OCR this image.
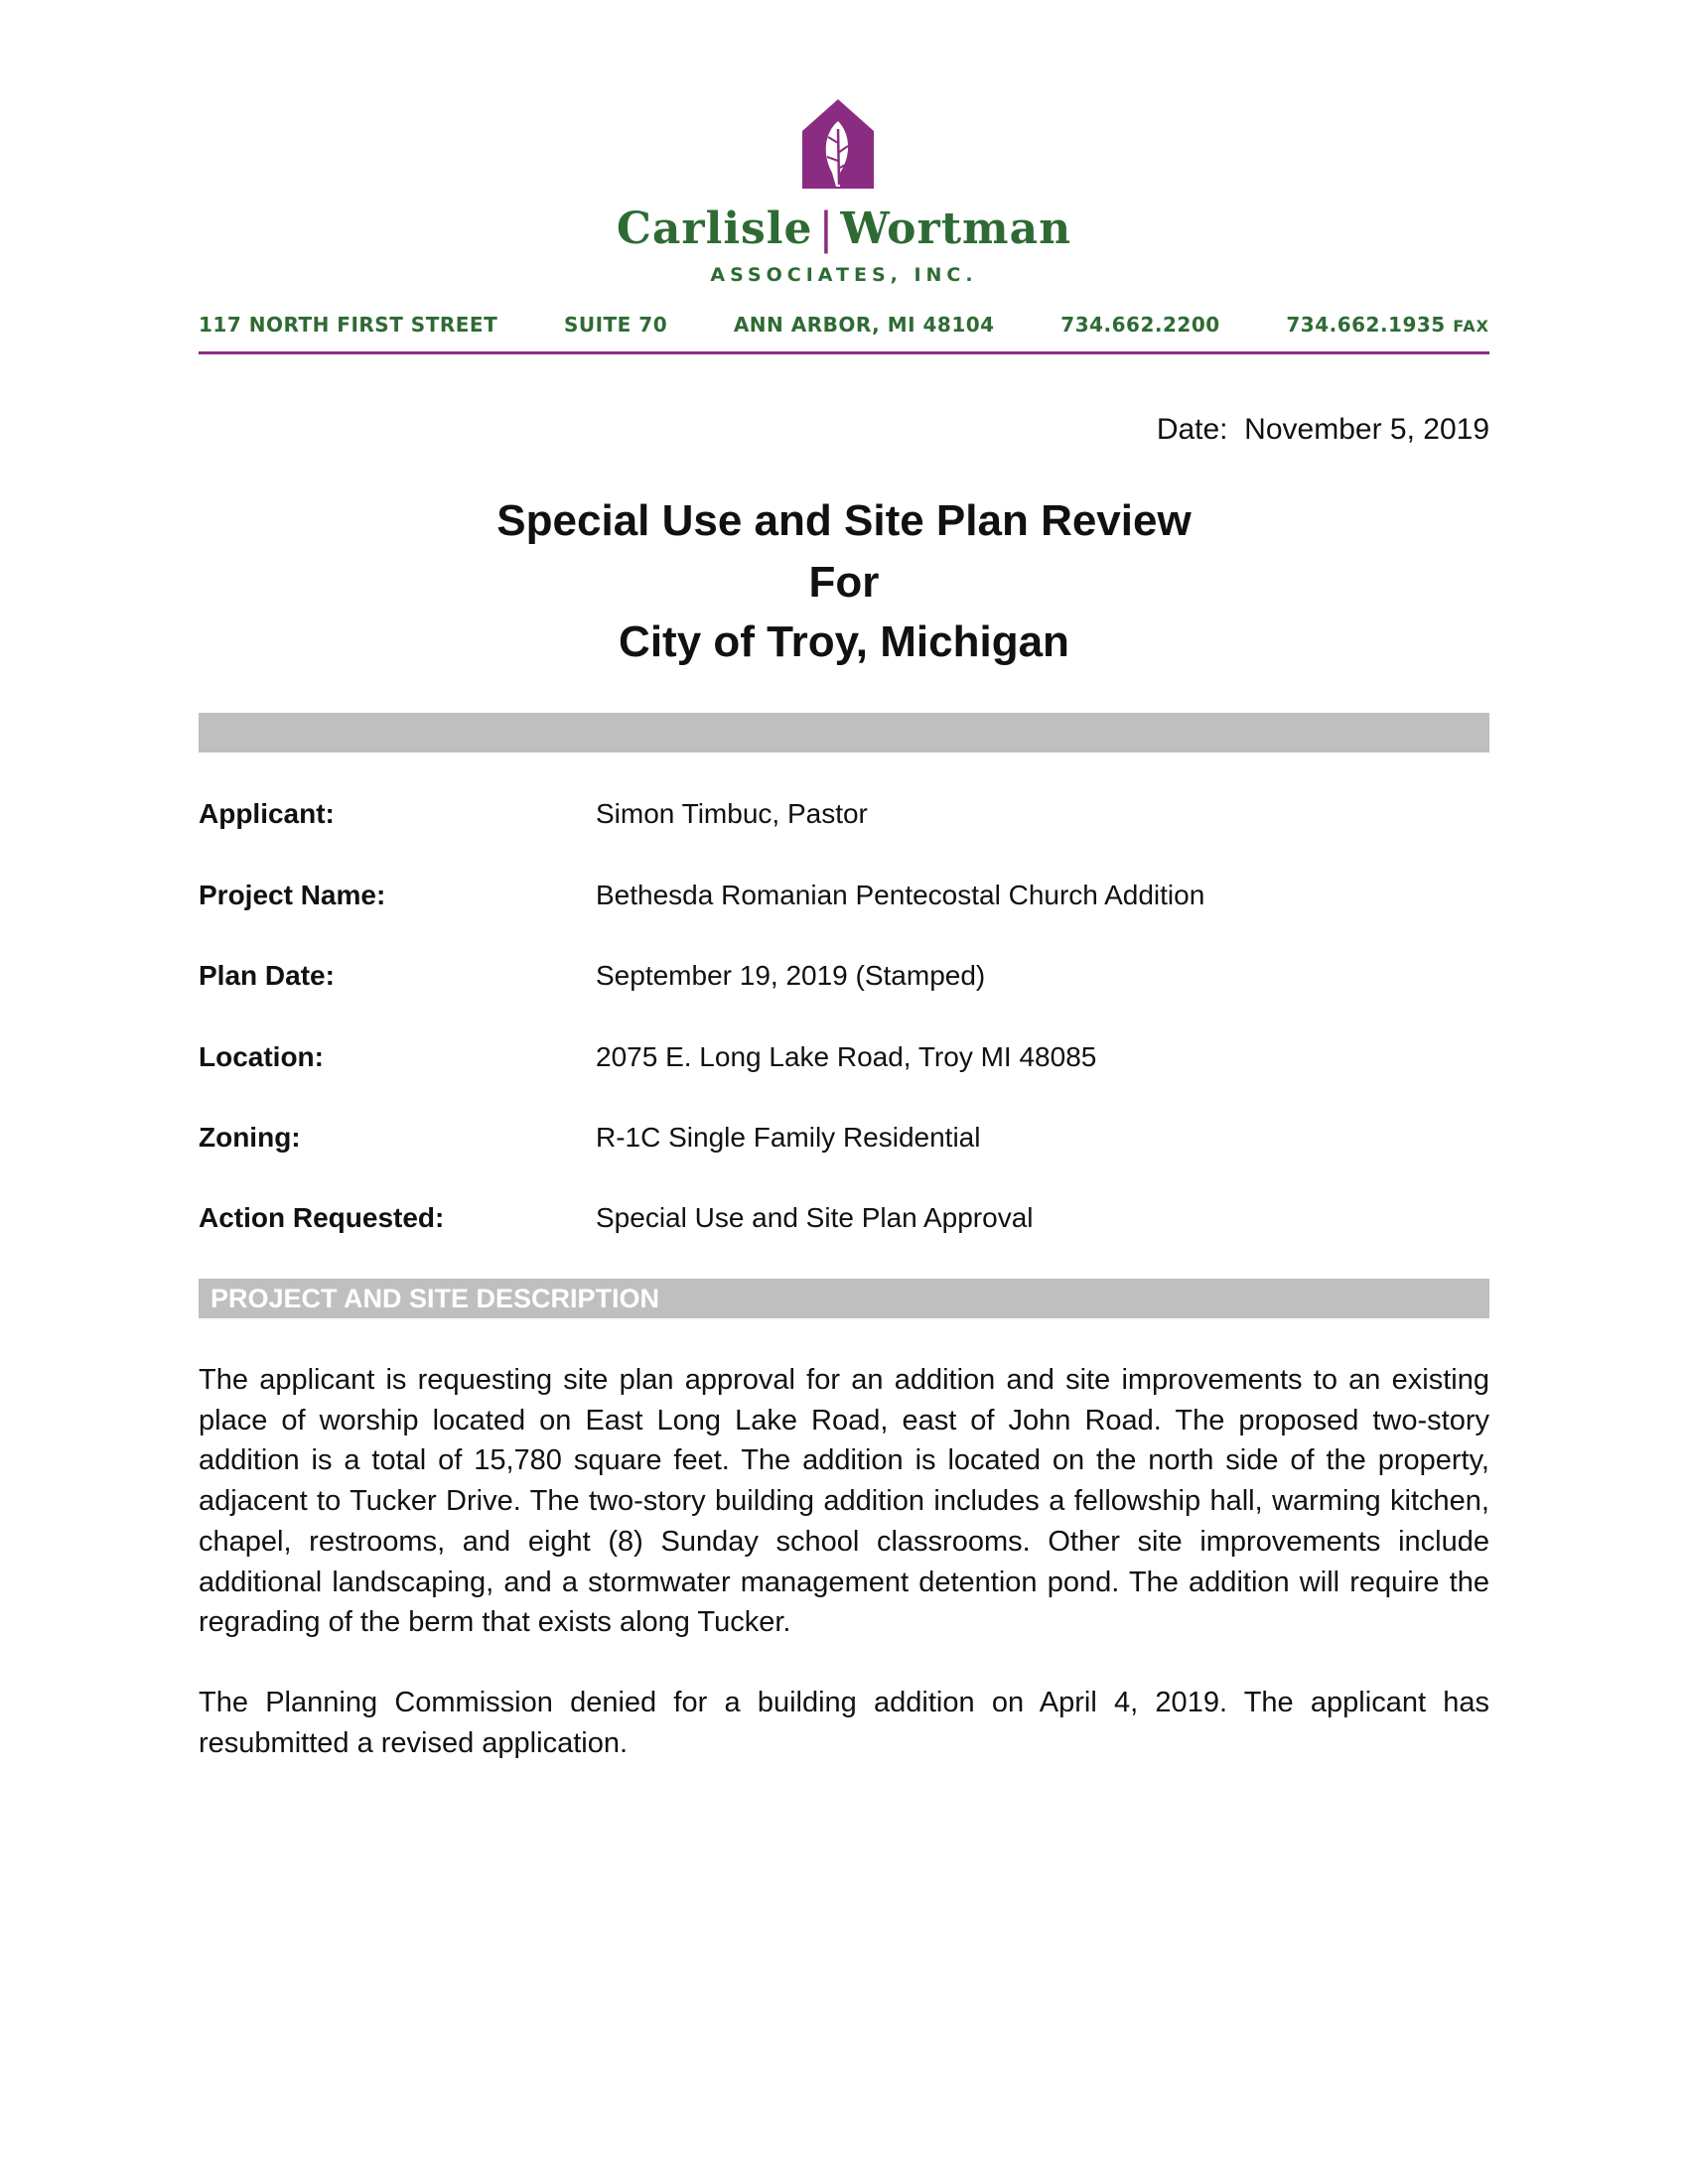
Carlisle | Wortman
ASSOCIATES, INC.
117 NORTH FIRST STREET	SUITE 70	ANN ARBOR, MI 48104	734.662.2200	734.662.1935 FAX
Date:  November 5, 2019
Special Use and Site Plan Review
For
City of Troy, Michigan
Applicant:	Simon Timbuc, Pastor
Project Name:	Bethesda Romanian Pentecostal Church Addition
Plan Date:	September 19, 2019 (Stamped)
Location:	2075 E. Long Lake Road, Troy MI 48085
Zoning:	R-1C Single Family Residential
Action Requested:	Special Use and Site Plan Approval
PROJECT AND SITE DESCRIPTION
The applicant is requesting site plan approval for an addition and site improvements to an existing place of worship located on East Long Lake Road, east of John Road. The proposed two-story addition is a total of 15,780 square feet. The addition is located on the north side of the property, adjacent to Tucker Drive. The two-story building addition includes a fellowship hall, warming kitchen, chapel, restrooms, and eight (8) Sunday school classrooms. Other site improvements include additional landscaping, and a stormwater management detention pond. The addition will require the regrading of the berm that exists along Tucker.
The Planning Commission denied for a building addition on April 4, 2019. The applicant has resubmitted a revised application.
